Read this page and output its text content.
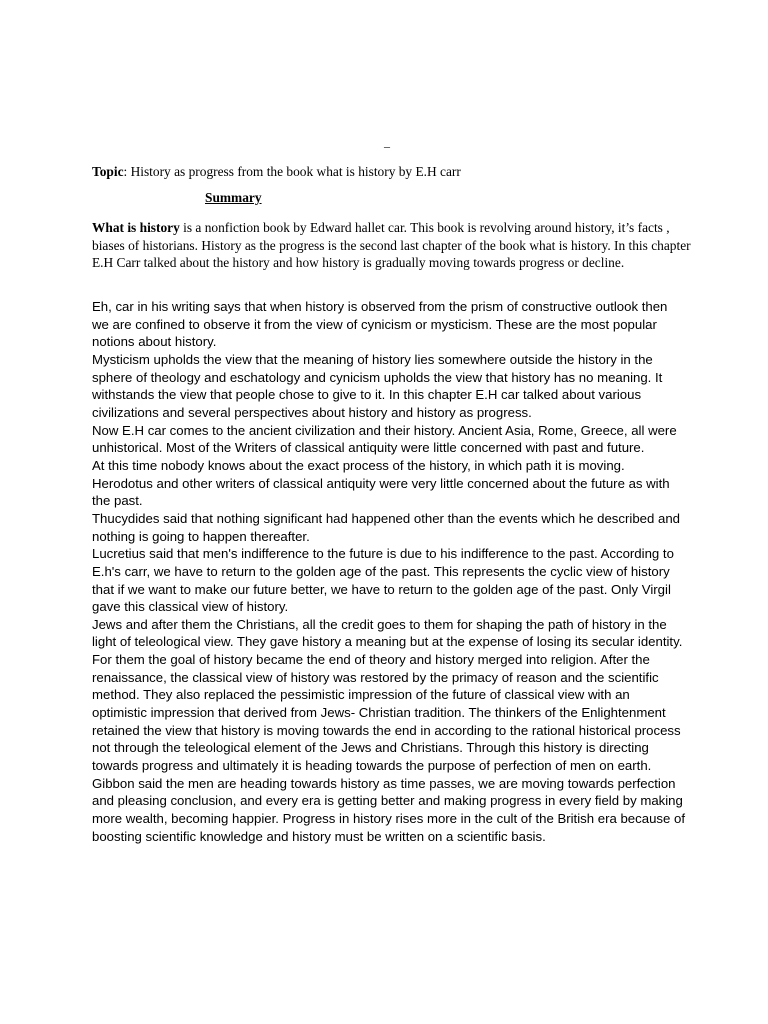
–
Topic: History as progress from the book what is history by E.H carr
Summary

What is history is a nonfiction book by Edward hallet car. This book is revolving around history, it’s facts , biases of historians. History as the progress is the second last chapter of the book what is history. In this chapter E.H Carr talked about the history and how history is gradually moving towards progress or decline.

Eh, car in his writing says that when history is observed from the prism of constructive outlook then we are confined to observe it from the view of cynicism or mysticism. These are the most popular notions about history.

Mysticism upholds the view that the meaning of history lies somewhere outside the history in the sphere of theology and eschatology and cynicism upholds the view that history has no meaning. It withstands the view that people chose to give to it. In this chapter E.H car talked about various civilizations and several perspectives about history and history as progress.

Now E.H car comes to the ancient civilization and their history. Ancient Asia, Rome, Greece, all were unhistorical. Most of the Writers of classical antiquity were little concerned with past and future.

At this time nobody knows about the exact process of the history, in which path it is moving. Herodotus and other writers of classical antiquity were very little concerned about the future as with the past.

Thucydides said that nothing significant had happened other than the events which he described and nothing is going to happen thereafter.

Lucretius said that men's indifference to the future is due to his indifference to the past. According to E.h's carr, we have to return to the golden age of the past. This represents the cyclic view of history that if we want to make our future better, we have to return to the golden age of the past. Only Virgil gave this classical view of history.

Jews and after them the Christians, all the credit goes to them for shaping the path of history in the light of teleological view. They gave history a meaning but at the expense of losing its secular identity. For them the goal of history became the end of theory and history merged into religion. After the renaissance, the classical view of history was restored by the primacy of reason and the scientific method. They also replaced the pessimistic impression of the future of classical view with an optimistic impression that derived from Jews- Christian tradition. The thinkers of the Enlightenment retained the view that history is moving towards the end in according to the rational historical process not through the teleological element of the Jews and Christians. Through this history is directing towards progress and ultimately it is heading towards the purpose of perfection of men on earth. Gibbon said the men are heading towards history as time passes, we are moving towards perfection and pleasing conclusion, and every era is getting better and making progress in every field by making more wealth, becoming happier. Progress in history rises more in the cult of the British era because of boosting scientific knowledge and history must be written on a scientific basis.
